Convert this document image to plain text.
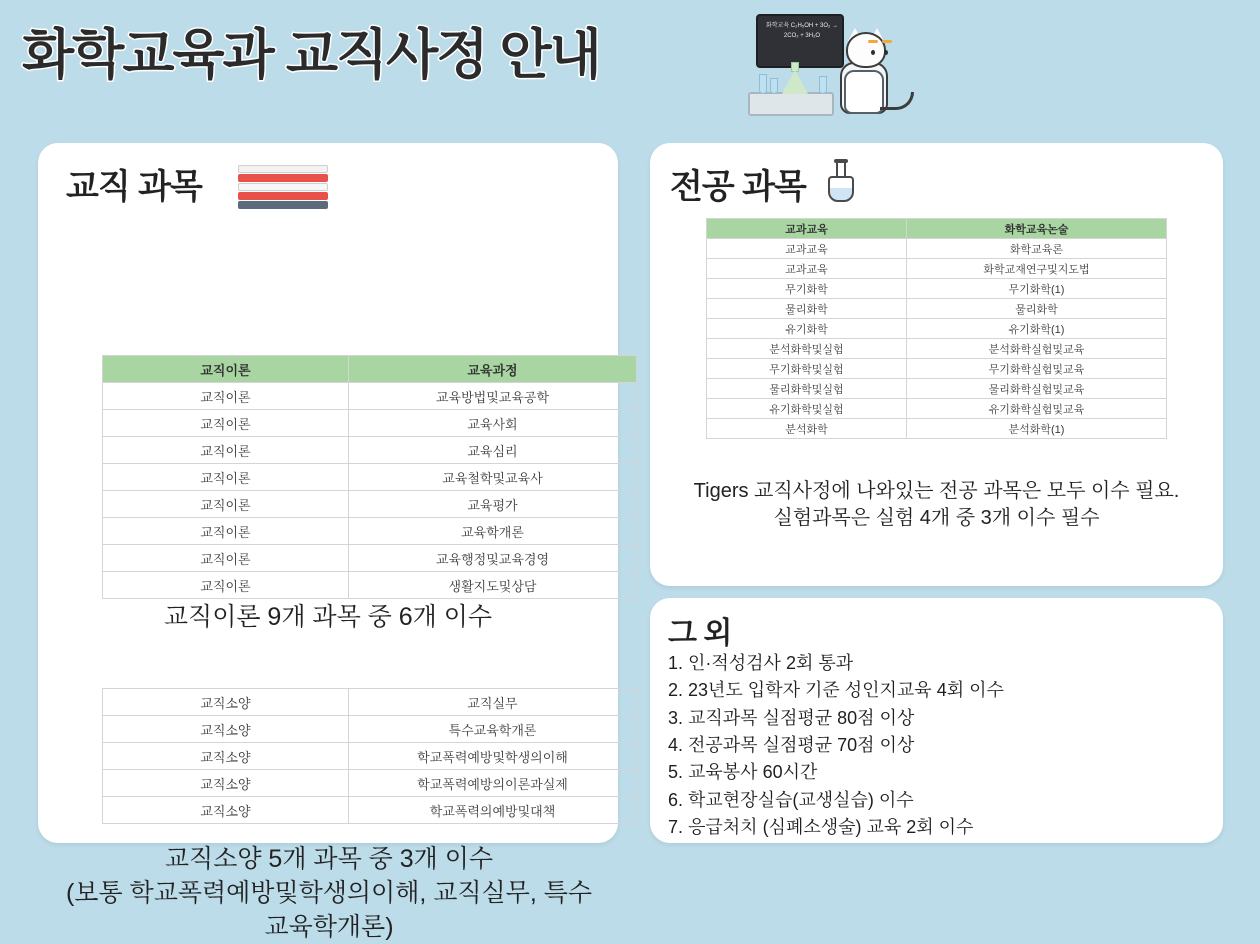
화학교육과 교직사정 안내	화학교육 C₂H₅OH + 3O₂ → 2CO₂ + 3H₂O
교직 과목
교직이론	교육과정
교직이론	교육방법및교육공학
교직이론	교육사회
교직이론	교육심리
교직이론	교육철학및교육사
교직이론	교육평가
교직이론	교육학개론
교직이론	교육행정및교육경영
교직이론	생활지도및상담
교직이론 9개 과목 중 6개 이수
교직소양	교직실무
교직소양	특수교육학개론
교직소양	학교폭력예방및학생의이해
교직소양	학교폭력예방의이론과실제
교직소양	학교폭력의예방및대책
교직소양 5개 과목 중 3개 이수
(보통 학교폭력예방및학생의이해, 교직실무, 특수교육학개론)
전공 과목
교과교육	화학교육논술
교과교육	화학교육론
교과교육	화학교재연구및지도법
무기화학	무기화학(1)
물리화학	물리화학
유기화학	유기화학(1)
분석화학및실험	분석화학실험및교육
무기화학및실험	무기화학실험및교육
물리화학및실험	물리화학실험및교육
유기화학및실험	유기화학실험및교육
분석화학	분석화학(1)
Tigers 교직사정에 나와있는 전공 과목은 모두 이수 필요.
실험과목은 실험 4개 중 3개 이수 필수
그 외
1. 인·적성검사 2회 통과
2. 23년도 입학자 기준 성인지교육 4회 이수
3. 교직과목 실점평균 80점 이상
4. 전공과목 실점평균 70점 이상
5. 교육봉사 60시간
6. 학교현장실습(교생실습) 이수
7. 응급처치 (심폐소생술) 교육 2회 이수
